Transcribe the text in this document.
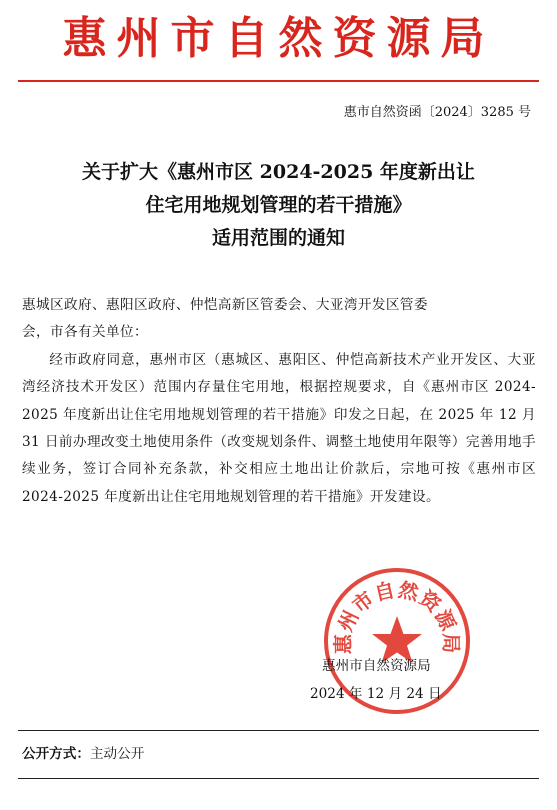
惠州市自然资源局
惠市自然资函〔2024〕3285 号
关于扩大《惠州市区 2024-2025 年度新出让
住宅用地规划管理的若干措施》
适用范围的通知

惠城区政府、惠阳区政府、仲恺高新区管委会、大亚湾开发区管委

会，市各有关单位：

经市政府同意，惠州市区（惠城区、惠阳区、仲恺高新技术产业开发区、大亚湾经济技术开发区）范围内存量住宅用地，根据控规要求，自《惠州市区 2024-2025 年度新出让住宅用地规划管理的若干措施》印发之日起，在 2025 年 12 月 31 日前办理改变土地使用条件（改变规划条件、调整土地使用年限等）完善用地手续业务，签订合同补充条款，补交相应土地出让价款后，宗地可按《惠州市区 2024-2025 年度新出让住宅用地规划管理的若干措施》开发建设。

惠州市自然资源局
惠州市自然资源局
2024 年 12 月 24 日
公开方式：主动公开
